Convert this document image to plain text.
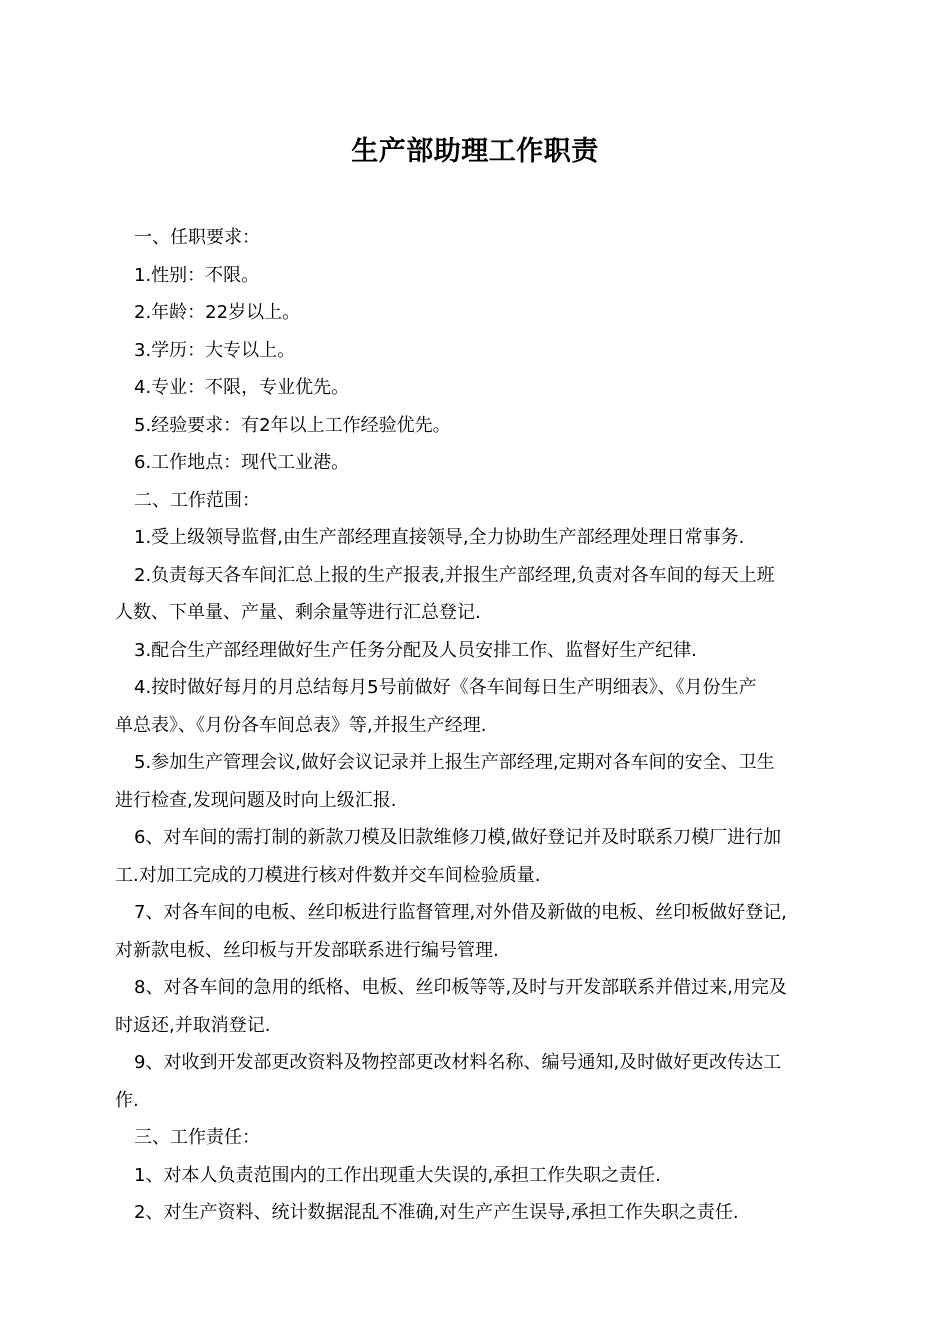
生产部助理工作职责
一、任职要求：
1.性别：不限。
2.年龄：22岁以上。
3.学历：大专以上。
4.专业：不限，专业优先。
5.经验要求：有2年以上工作经验优先。
6.工作地点：现代工业港。
二、工作范围：
1.受上级领导监督,由生产部经理直接领导,全力协助生产部经理处理日常事务.
2.负责每天各车间汇总上报的生产报表,并报生产部经理,负责对各车间的每天上班
人数、下单量、产量、剩余量等进行汇总登记.
3.配合生产部经理做好生产任务分配及人员安排工作、监督好生产纪律.
4.按时做好每月的月总结每月5号前做好《各车间每日生产明细表》、《月份生产
单总表》、《月份各车间总表》等,并报生产经理.
5.参加生产管理会议,做好会议记录并上报生产部经理,定期对各车间的安全、卫生
进行检查,发现问题及时向上级汇报.
6、对车间的需打制的新款刀模及旧款维修刀模,做好登记并及时联系刀模厂进行加
工.对加工完成的刀模进行核对件数并交车间检验质量.
7、对各车间的电板、丝印板进行监督管理,对外借及新做的电板、丝印板做好登记,
对新款电板、丝印板与开发部联系进行编号管理.
8、对各车间的急用的纸格、电板、丝印板等等,及时与开发部联系并借过来,用完及
时返还,并取消登记.
9、对收到开发部更改资料及物控部更改材料名称、编号通知,及时做好更改传达工
作.
三、工作责任：
1、对本人负责范围内的工作出现重大失误的,承担工作失职之责任.
2、对生产资料、统计数据混乱不准确,对生产产生误导,承担工作失职之责任.
